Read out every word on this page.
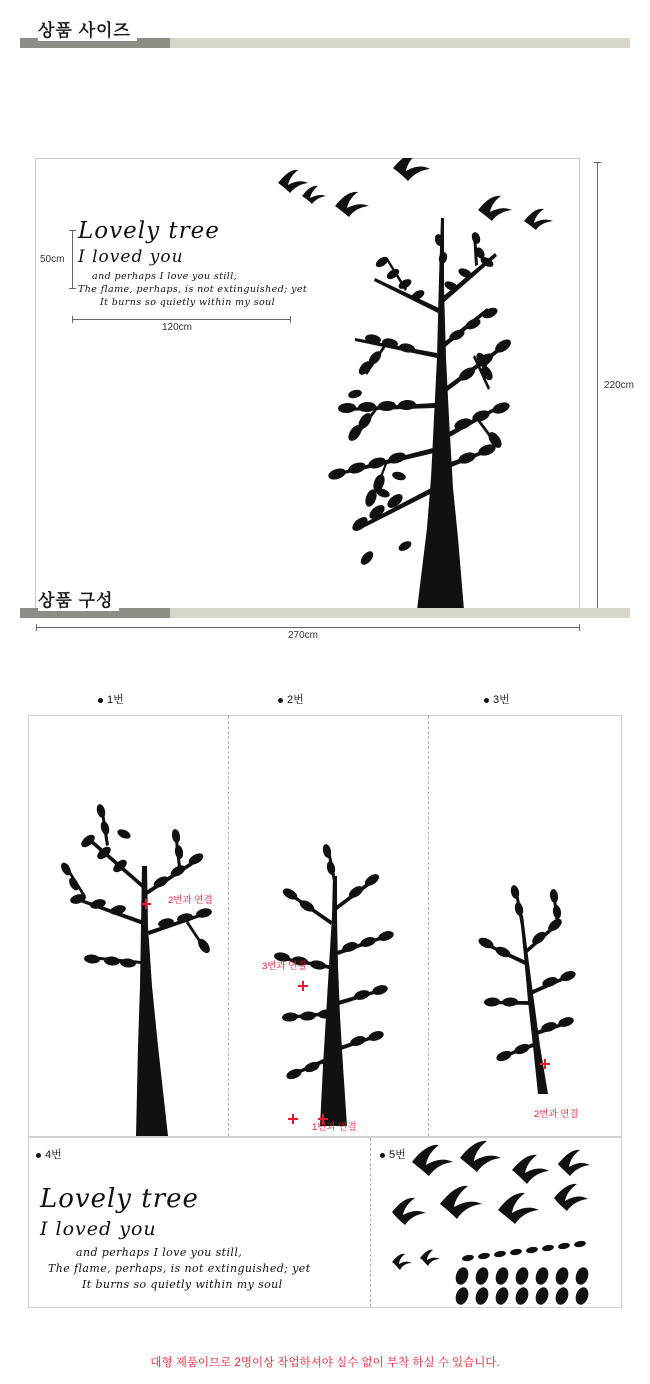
상품 사이즈
Lovely tree
I loved you
and perhaps I love you still,
The flame, perhaps, is not extinguished; yet
It burns so quietly within my soul
50cm
120cm
220cm
270cm
상품 구성
1번	2번	3번
4번	5번
2번과 연결
3번과 연결
1번과 연결
2번과 연결
Lovely tree
I loved you
and perhaps I love you still,
The flame, perhaps, is not extinguished; yet
It burns so quietly within my soul
대형 제품이므로 2명이상 작업하셔야 실수 없이 부착 하실 수 있습니다.
